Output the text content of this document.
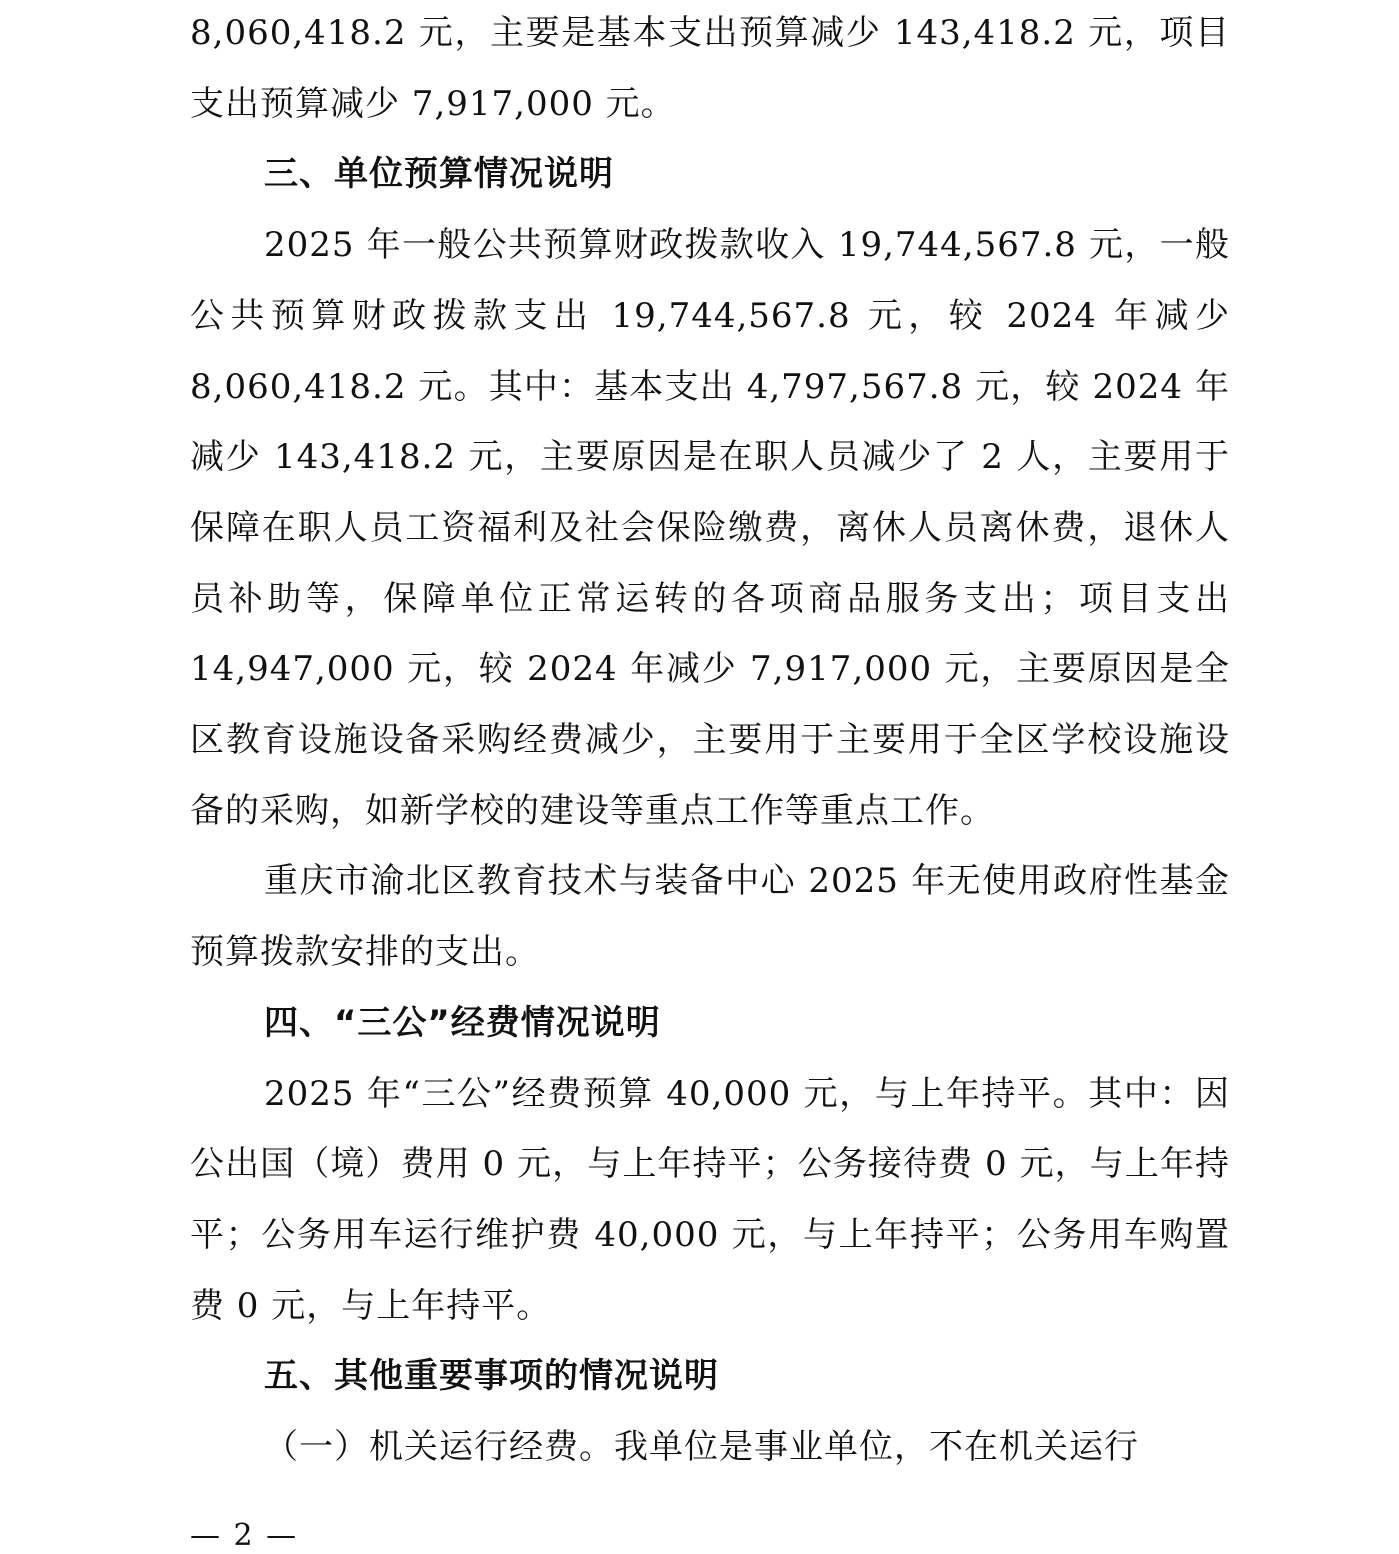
8,060,418.2 元，主要是基本支出预算减少 143,418.2 元，项目支出预算减少 7,917,000 元。

三、单位预算情况说明

2025 年一般公共预算财政拨款收入 19,744,567.8 元，一般公共预算财政拨款支出 19,744,567.8 元，较 2024 年减少 8,060,418.2 元。其中：基本支出 4,797,567.8 元，较 2024 年减少 143,418.2 元，主要原因是在职人员减少了 2 人，主要用于保障在职人员工资福利及社会保险缴费，离休人员离休费，退休人员补助等，保障单位正常运转的各项商品服务支出；项目支出 14,947,000 元，较 2024 年减少 7,917,000 元，主要原因是全区教育设施设备采购经费减少，主要用于主要用于全区学校设施设备的采购，如新学校的建设等重点工作等重点工作。

重庆市渝北区教育技术与装备中心 2025 年无使用政府性基金预算拨款安排的支出。

四、“三公”经费情况说明

2025 年“三公”经费预算 40,000 元，与上年持平。其中：因公出国（境）费用 0 元，与上年持平；公务接待费 0 元，与上年持平；公务用车运行维护费 40,000 元，与上年持平；公务用车购置费 0 元，与上年持平。

五、其他重要事项的情况说明

（一）机关运行经费。我单位是事业单位，不在机关运行

— 2 —
